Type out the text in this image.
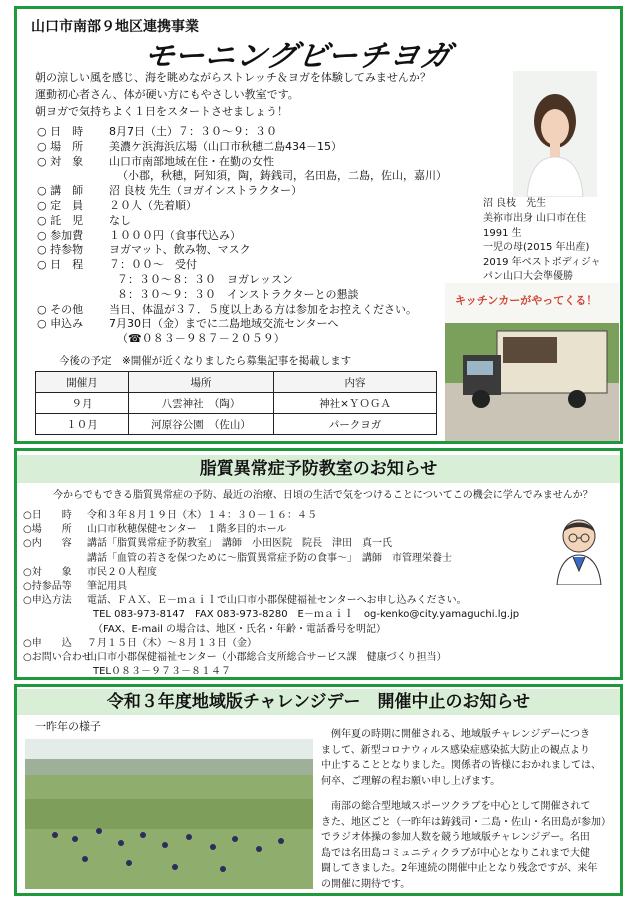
山口市南部９地区連携事業
モーニングビーチヨガ
朝の涼しい風を感じ、海を眺めながらストレッチ＆ヨガを体験してみませんか？
運動初心者さん、体が硬い方にもやさしい教室です。
朝ヨガで気持ちよく１日をスタートさせましょう！
○ 日　時 8月7日（土）７：３０～９：３０
○ 場　所 美濃ケ浜海浜広場（山口市秋穂二島434－15）
○ 対　象 山口市南部地域在住・在勤の女性
（小郡，秋穂，阿知須，陶，鋳銭司，名田島，二島，佐山，嘉川）
○ 講　師 沼 良枝 先生（ヨガインストラクター）
○ 定　員 ２０人（先着順）
○ 託　児 なし
○ 参加費 １０００円（食事代込み）
○ 持参物 ヨガマット、飲み物、マスク
○ 日　程 ７：００～　受付
７：３０～８：３０　ヨガレッスン
８：３０～９：３０　インストラクターとの懇談
○ その他 当日、体温が３７．５度以上ある方は参加をお控えください。
○ 申込み 7月30日（金）までに二島地域交流センターへ
（☎０８３－９８７－２０５９）
今後の予定　※開催が近くなりましたら募集記事を掲載します
開催月	場所	内容
９月	八雲神社　（陶）	神社×ＹＯＧＡ
１０月	河原谷公園　（佐山）	パークヨガ
沼 良枝　先生
美祢市出身 山口市在住
1991 生
一児の母(2015 年出産)
2019 年ベストボディジャ
パン山口大会準優勝
キッチンカーがやってくる！
脂質異常症予防教室のお知らせ
今からでもできる脂質異常症の予防、最近の治療、日頃の生活で気をつけることについてこの機会に学んでみませんか？
○日　　時 令和３年８月１９日（木）１４：３０－１６：４５
○場　　所 山口市秋穂保健センター　１階多目的ホール
○内　　容 講話「脂質異常症予防教室」　講師　小田医院　院長　津田　真一氏
講話「血管の若さを保つために～脂質異常症予防の食事～」　講師　市管理栄養士
○対　　象 市民２０人程度
○持参品等 筆記用具
○申込方法 電話、ＦＡＸ、Ｅ－ｍａｉｌで山口市小郡保健福祉センターへお申し込みください。
TEL 083-973-8147　FAX 083-973-8280　E－ｍａｉｌ　og-kenko@city.yamaguchi.lg.jp
（FAX、E-mail の場合は、地区・氏名・年齢・電話番号を明記）
○申　　込 ７月１５日（木）～８月１３日（金）
○お問い合わせ
山口市小郡保健福祉センター（小郡総合支所総合サービス課　健康づくり担当）
TEL０８３－９７３－８１４７
令和３年度地域版チャレンジデー　開催中止のお知らせ
一昨年の様子
　例年夏の時期に開催される、地域版チャレンジデーにつき
まして、新型コロナウィルス感染症感染拡大防止の観点より
中止することとなりました。関係者の皆様におかれましては、
何卒、ご理解の程お願い申し上げます。
　南部の総合型地域スポーツクラブを中心として開催されて
きた、地区ごと（一昨年は鋳銭司・二島・佐山・名田島が参加）
でラジオ体操の参加人数を競う地域版チャレンジデー。名田
島では名田島コミュニティクラブが中心となりこれまで大健
闘してきました。2年連続の開催中止となり残念ですが、来年
の開催に期待です。
